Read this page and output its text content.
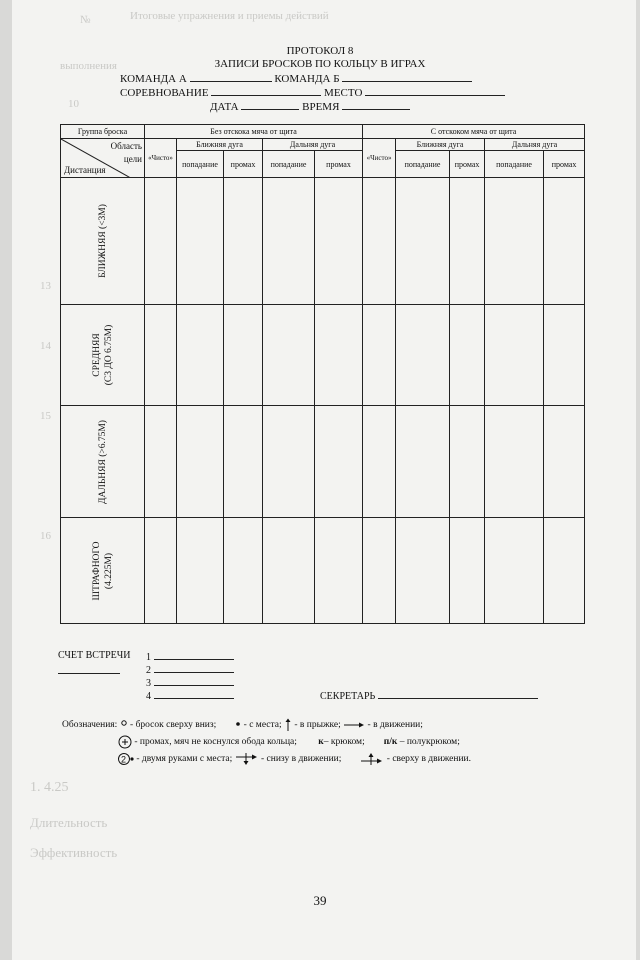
№	Итоговые упражнения и приемы действий
выполнения
10
13
14
15
16
1. 4.25
Длительность
Эффективность
ПРОТОКОЛ 8
ЗАПИСИ БРОСКОВ ПО КОЛЬЦУ В ИГРАХ
КОМАНДА А	КОМАНДА Б
СОРЕВНОВАНИЕ	МЕСТО
ДАТА	ВРЕМЯ
Группа броска	Без отскока мяча от щита					С отскоком мяча от щита				

Область
цели
Дистанция	«Чисто»	Ближняя дуга		Дальняя дуга		«Чисто»	Ближняя дуга		Дальняя дуга	
		попадание	промах	попадание	промах		попадание	промах	попадание	промах

БЛИЖНЯЯ (<3М)										

СРЕДНЯЯ (С3 ДО 6.75М)										

ДАЛЬНЯЯ (>6.75М)										

ШТРАФНОГО (4.225М)										

СЧЕТ ВСТРЕЧИ 1
2
3
4	СЕКРЕТАРЬ
Обозначения: - бросок сверху вниз;	- с места; - в прыжке;	- в движении;
- промах, мяч не коснулся обода кольца; к– крюком; п/к – полукрюком;
2 - двумя руками с места;	- снизу в движении;	- сверху в движении.
39
